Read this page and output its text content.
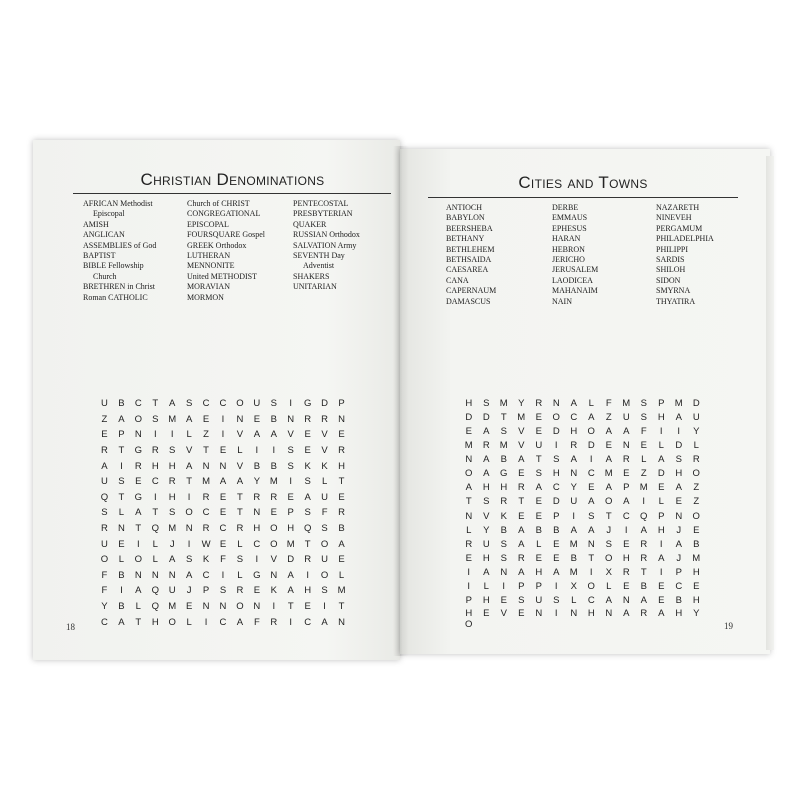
Christian Denominations
AFRICAN Methodist
Episcopal
AMISH
ANGLICAN
ASSEMBLIES of God
BAPTIST
BIBLE Fellowship
Church
BRETHREN in Christ
Roman CATHOLIC
Church of CHRIST
CONGREGATIONAL
EPISCOPAL
FOURSQUARE Gospel
GREEK Orthodox
LUTHERAN
MENNONITE
United METHODIST
MORAVIAN
MORMON
PENTECOSTAL
PRESBYTERIAN
QUAKER
RUSSIAN Orthodox
SALVATION Army
SEVENTH Day
Adventist
SHAKERS
UNITARIAN
U	B	C	T	A	S	C	C	O	U	S	I	G	D	P
Z	A	O	S	M	A	E	I	N	E	B	N	R	R	N
E	P	N	I	I	L	Z	I	V	A	A	V	E	V	E
R	T	G	R	S	V	T	E	L	I	I	S	E	V	R
A	I	R	H	H	A	N	N	V	B	B	S	K	K	H
U	S	E	C	R	T	M	A	A	Y	M	I	S	L	T
Q	T	G	I	H	I	R	E	T	R	R	E	A	U	E
S	L	A	T	S	O	C	E	T	N	E	P	S	F	R
R	N	T	Q M	N	R	C	R	H	O	H	Q	S	B
U	E	I	L	J	I	W E	L	C	O M	T	O	A
O	L	O	L	A	S	K	F	S	I	V	D	R	U	E
F	B	N	N	N	A	C	I	L	G	N	A	I	O	L
F	I	A	Q	U	J	P	S	R	E	K	A	H	S	M
Y	B	L	Q M	E	N	N	O	N	I	T	E	I	T
C	A	T	H	O	L	I	C	A	F	R	I	C	A	N
18
Cities and Towns
ANTIOCH
BABYLON
BEERSHEBA
BETHANY
BETHLEHEM
BETHSAIDA
CAESAREA
CANA
CAPERNAUM
DAMASCUS
DERBE
EMMAUS
EPHESUS
HARAN
HEBRON
JERICHO
JERUSALEM
LAODICEA
MAHANAIM
NAIN
NAZARETH
NINEVEH
PERGAMUM
PHILADELPHIA
PHILIPPI
SARDIS
SHILOH
SIDON
SMYRNA
THYATIRA
H	S	M	Y	R	N	A	L	F	M	S	P	M	D
D	D	T	M	E	O	C	A	Z	U	S	H	A	U
E	A	S	V	E	D	H	O	A	A	F	I	I	Y
M	R	M	V	U	I	R	D	E	N	E	L	D	L
N	A	B	A	T	S	A	I	A	R	L	A	S	R
O	A	G	E	S	H	N	C	M	E	Z	D	H	O
A	H	H	R	A	C	Y	E	A	P	M	E	A	Z
T	S	R	T	E	D	U	A	O	A	I	L	E	Z
N	V	K	E	E	P	I	S	T	C	Q	P	N	O
L	Y	B	A	B	B	A	A	J	I	A	H	J	E
R	U	S	A	L	E	M	N	S	E	R	I	A	B
E	H	S	R	E	E	B	T	O	H	R	A	J	M
I	A	N	A	H	A	M	I	X	R	T	I	P	H
I	L	I	P	P	I	X	O	L	E	B	E	C	E
P	H	E	S	U	S	L	C	A	N	A	E	B	H
H	E	V	E	N	I	N	H	N	A	R	A	H	Y
O	19
